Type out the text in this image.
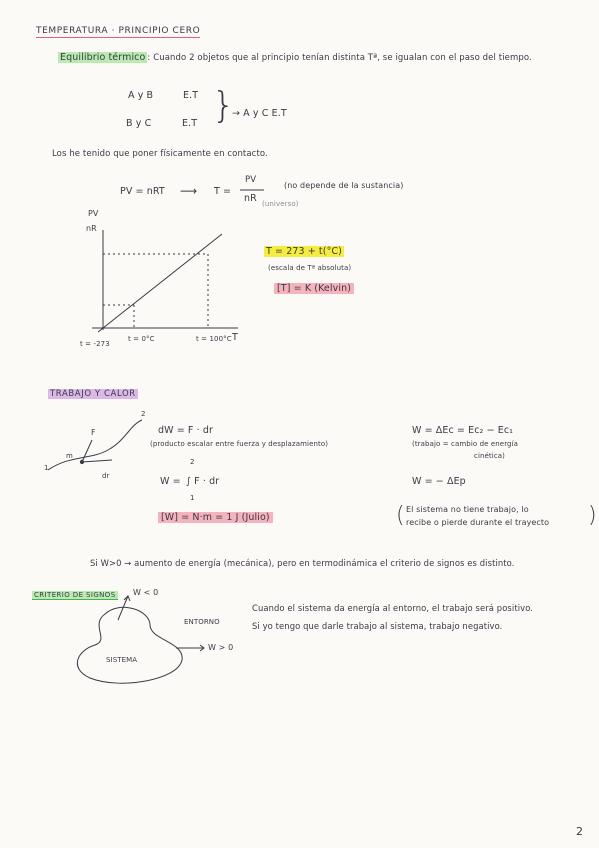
TEMPERATURA · PRINCIPIO CERO
Equilibrio térmico : Cuando 2 objetos que al principio tenían distinta Tª, se igualan con el paso del tiempo.
A y B	E.T
B y C	E.T }
→ A y C E.T
Los he tenido que poner físicamente en contacto.
PV = nRT ⟶ T =
PV
nR (universo)
(no depende de la sustancia)
PV
nR
t = -273
t = 0°C	t = 100°C T
T = 273 + t(°C)
(escala de Tª absoluta)
[T] = K (Kelvin)
TRABAJO Y CALOR
F
m
dr
1
2
dW = F · dr
(producto escalar entre fuerza y desplazamiento)
W =
2
1
∫ F · dr
[W] = N·m = 1 J (Julio)
W = ΔEc = Ec₂ − Ec₁
(trabajo = cambio de energía
cinética)
W = − ΔEp
( El sistema no tiene trabajo, lo
recibe o pierde durante el trayecto )
Si W>0 → aumento de energía (mecánica), pero en termodinámica el criterio de signos es distinto.
CRITERIO DE SIGNOS W < 0
ENTORNO
SISTEMA
W > 0
Cuando el sistema da energía al entorno, el trabajo será positivo.
Si yo tengo que darle trabajo al sistema, trabajo negativo.
2
